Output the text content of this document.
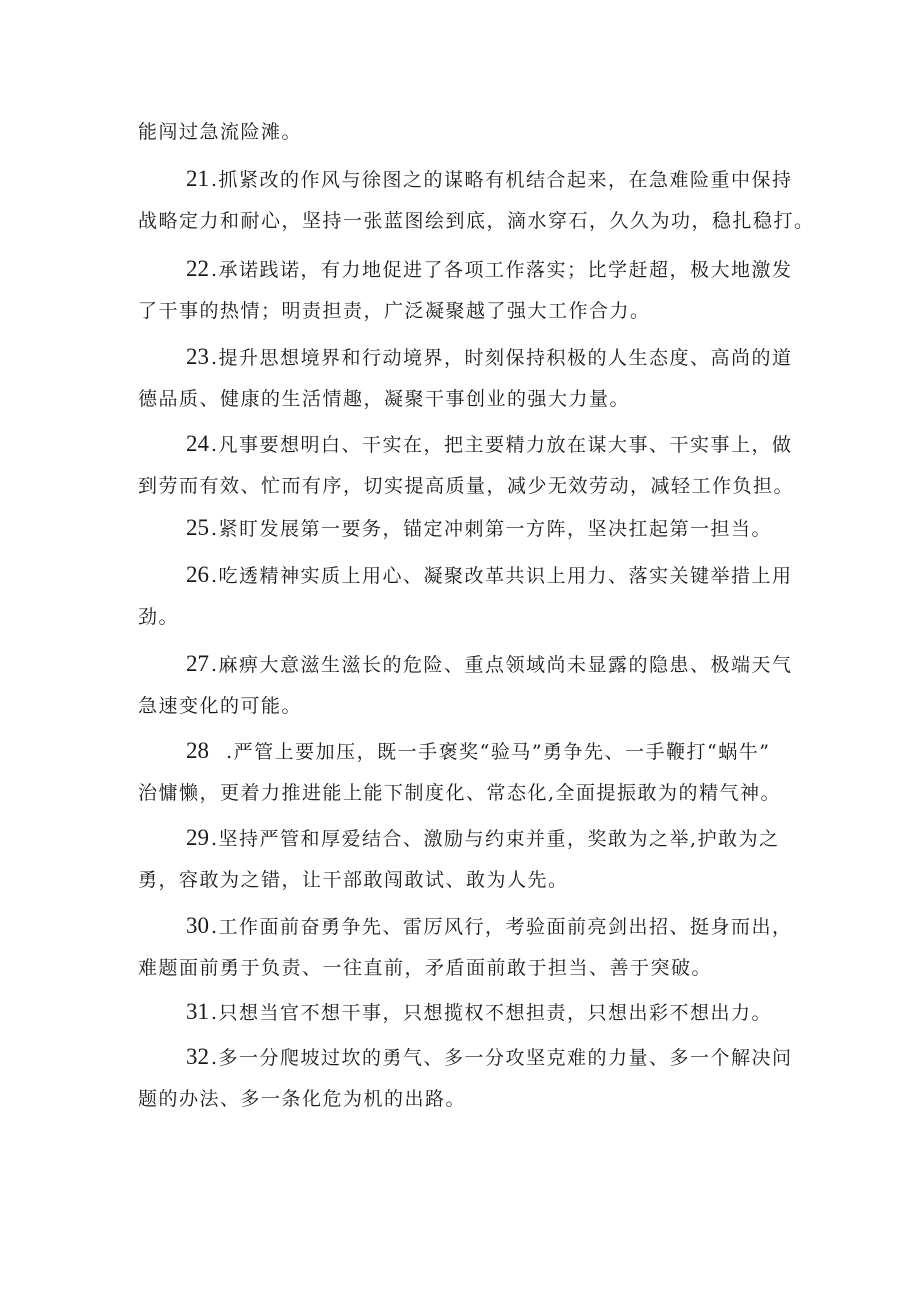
能闯过急流险滩。
21 .抓紧改的作风与徐图之的谋略有机结合起来，在急难险重中保持
战略定力和耐心，坚持一张蓝图绘到底，滴水穿石，久久为功，稳扎稳打。
22 .承诺践诺，有力地促进了各项工作落实；比学赶超，极大地激发
了干事的热情；明责担责，广泛凝聚越了强大工作合力。
23 .提升思想境界和行动境界，时刻保持积极的人生态度、高尚的道
德品质、健康的生活情趣，凝聚干事创业的强大力量。
24 .凡事要想明白、干实在，把主要精力放在谋大事、干实事上，做
到劳而有效、忙而有序，切实提高质量，减少无效劳动，减轻工作负担。
25 .紧盯发展第一要务，锚定冲刺第一方阵，坚决扛起第一担当。
26 .吃透精神实质上用心、凝聚改革共识上用力、落实关键举措上用
劲。
27 .麻痹大意滋生滋长的危险、重点领域尚未显露的隐患、极端天气
急速变化的可能。
28  .严管上要加压，既一手褒奖“验马”勇争先、一手鞭打“蜗牛”
治慵懒，更着力推进能上能下制度化、常态化,全面提振敢为的精气神。
29 .坚持严管和厚爱结合、激励与约束并重，奖敢为之举,护敢为之
勇，容敢为之错，让干部敢闯敢试、敢为人先。
30 .工作面前奋勇争先、雷厉风行，考验面前亮剑出招、挺身而出，
难题面前勇于负责、一往直前，矛盾面前敢于担当、善于突破。
31 .只想当官不想干事，只想揽权不想担责，只想出彩不想出力。
32 .多一分爬坡过坎的勇气、多一分攻坚克难的力量、多一个解决问
题的办法、多一条化危为机的出路。
